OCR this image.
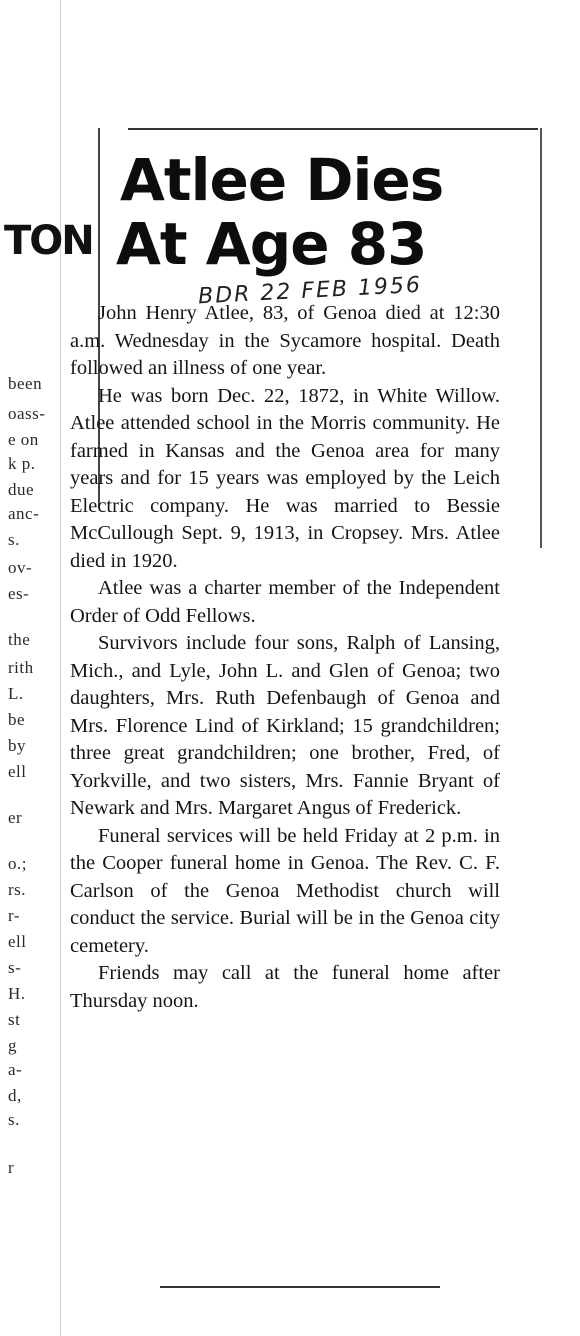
TON
been
oass-
e on
k p.
due
anc-
s.
ov-
es-
the
rith
L.
be
by
ell
er
o.;
rs.
r-
ell
s-
H.
st
g
a-
d,
s.
r
Atlee Dies
At Age 83
BDR 22 FEB 1956

John Henry Atlee, 83, of Genoa died at 12:30 a.m. Wednesday in the Sycamore hospital. Death followed an illness of one year.

He was born Dec. 22, 1872, in White Willow. Atlee attended school in the Morris community. He farmed in Kansas and the Genoa area for many years and for 15 years was employed by the Leich Electric company. He was married to Bessie McCullough Sept. 9, 1913, in Cropsey. Mrs. Atlee died in 1920.

Atlee was a charter member of the Independent Order of Odd Fellows.

Survivors include four sons, Ralph of Lansing, Mich., and Lyle, John L. and Glen of Genoa; two daughters, Mrs. Ruth Defenbaugh of Genoa and Mrs. Florence Lind of Kirkland; 15 grandchildren; three great grandchildren; one brother, Fred, of Yorkville, and two sisters, Mrs. Fannie Bryant of Newark and Mrs. Margaret Angus of Frederick.

Funeral services will be held Friday at 2 p.m. in the Cooper funeral home in Genoa. The Rev. C. F. Carlson of the Genoa Methodist church will conduct the service. Burial will be in the Genoa city cemetery.

Friends may call at the funeral home after Thursday noon.
